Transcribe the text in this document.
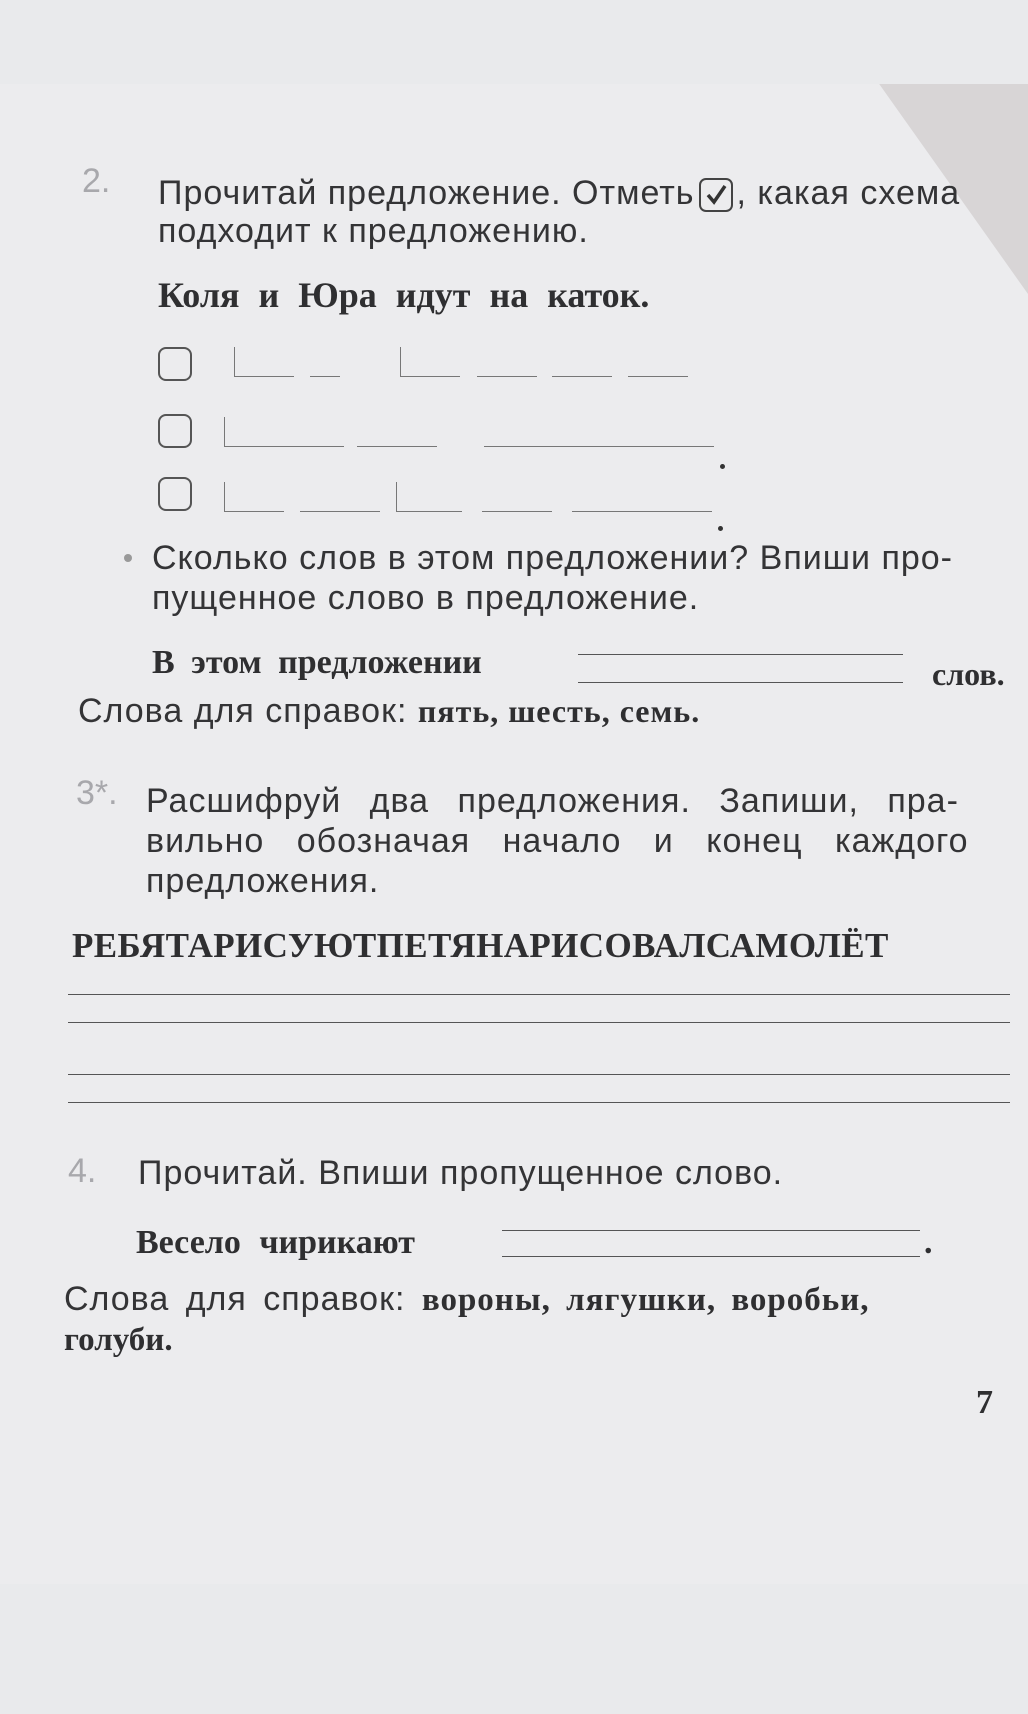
2. Прочитай предложение. Отметь , какая схема
подходит к предложению.
Коля и Юра идут на каток.
Сколько слов в этом предложении? Впиши про-
пущенное слово в предложение.
В этом предложении	слов.
Слова для справок: пять, шесть, семь.
3*. Расшифруй два предложения. Запиши, пра-
вильно обозначая начало и конец каждого
предложения.
РЕБЯТАРИСУЮТПЕТЯНАРИСОВАЛСАМОЛЁТ
4. Прочитай. Впиши пропущенное слово.
Весело чирикают	.
Слова для справок: вороны, лягушки, воробьи,
голуби.
7
